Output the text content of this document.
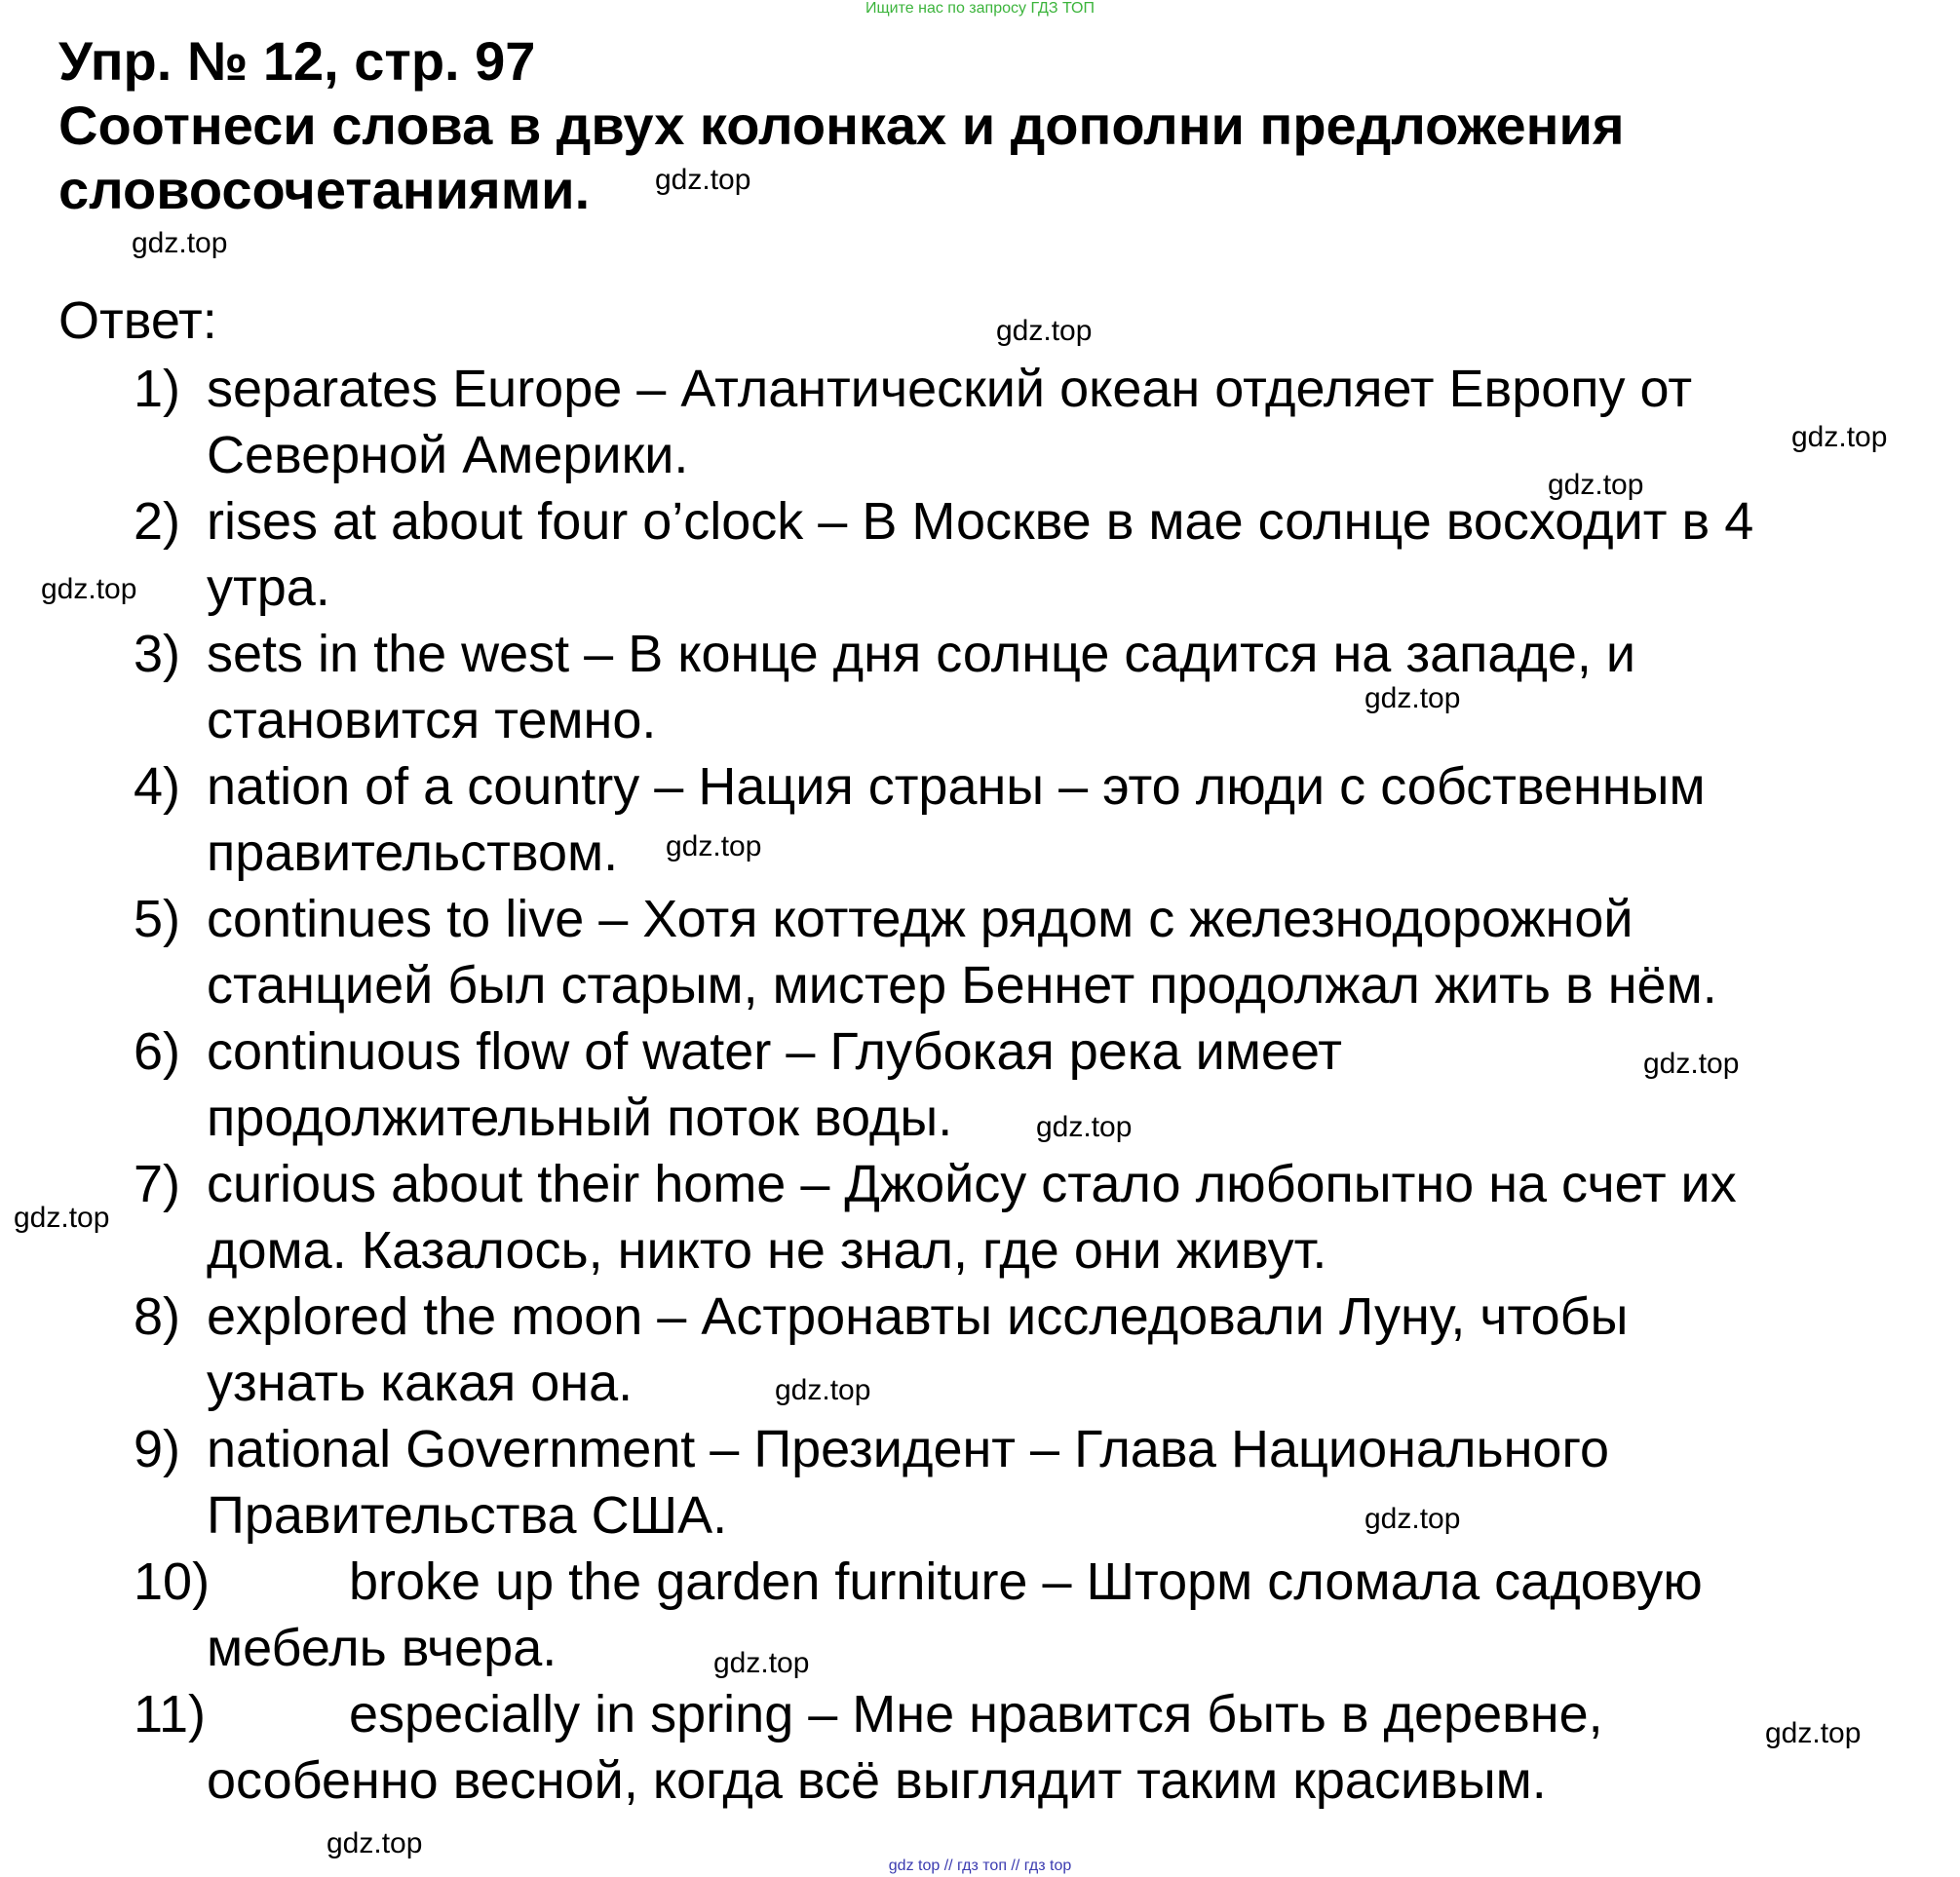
Ищите нас по запросу ГДЗ ТОП
Упр. № 12, стр. 97
Соотнеси слова в двух колонках и дополни предложения
словосочетаниями.
Ответ:
1) separates Europe – Атлантический океан отделяет Европу от
Северной Америки.
2) rises at about four o’clock – В Москве в мае солнце восходит в 4
утра.
3) sets in the west – В конце дня солнце садится на западе, и
становится темно.
4) nation of a country – Нация страны – это люди с собственным
правительством.
5) continues to live – Хотя коттедж рядом с железнодорожной
станцией был старым, мистер Беннет продолжал жить в нём.
6) continuous flow of water – Глубокая река имеет
продолжительный поток воды.
7) curious about their home – Джойсу стало любопытно на счет их
дома. Казалось, никто не знал, где они живут.
8) explored the moon – Астронавты исследовали Луну, чтобы
узнать какая она.
9) national Government – Президент – Глава Национального
Правительства США.
10)	broke up the garden furniture – Шторм сломала садовую
мебель вчера.
11)	especially in spring – Мне нравится быть в деревне,
особенно весной, когда всё выглядит таким красивым.
gdz.top
gdz.top
gdz.top
gdz.top
gdz.top
gdz.top
gdz.top
gdz.top
gdz.top
gdz.top
gdz.top
gdz.top
gdz.top
gdz.top
gdz.top
gdz.top
gdz top // гдз топ // гдз top
